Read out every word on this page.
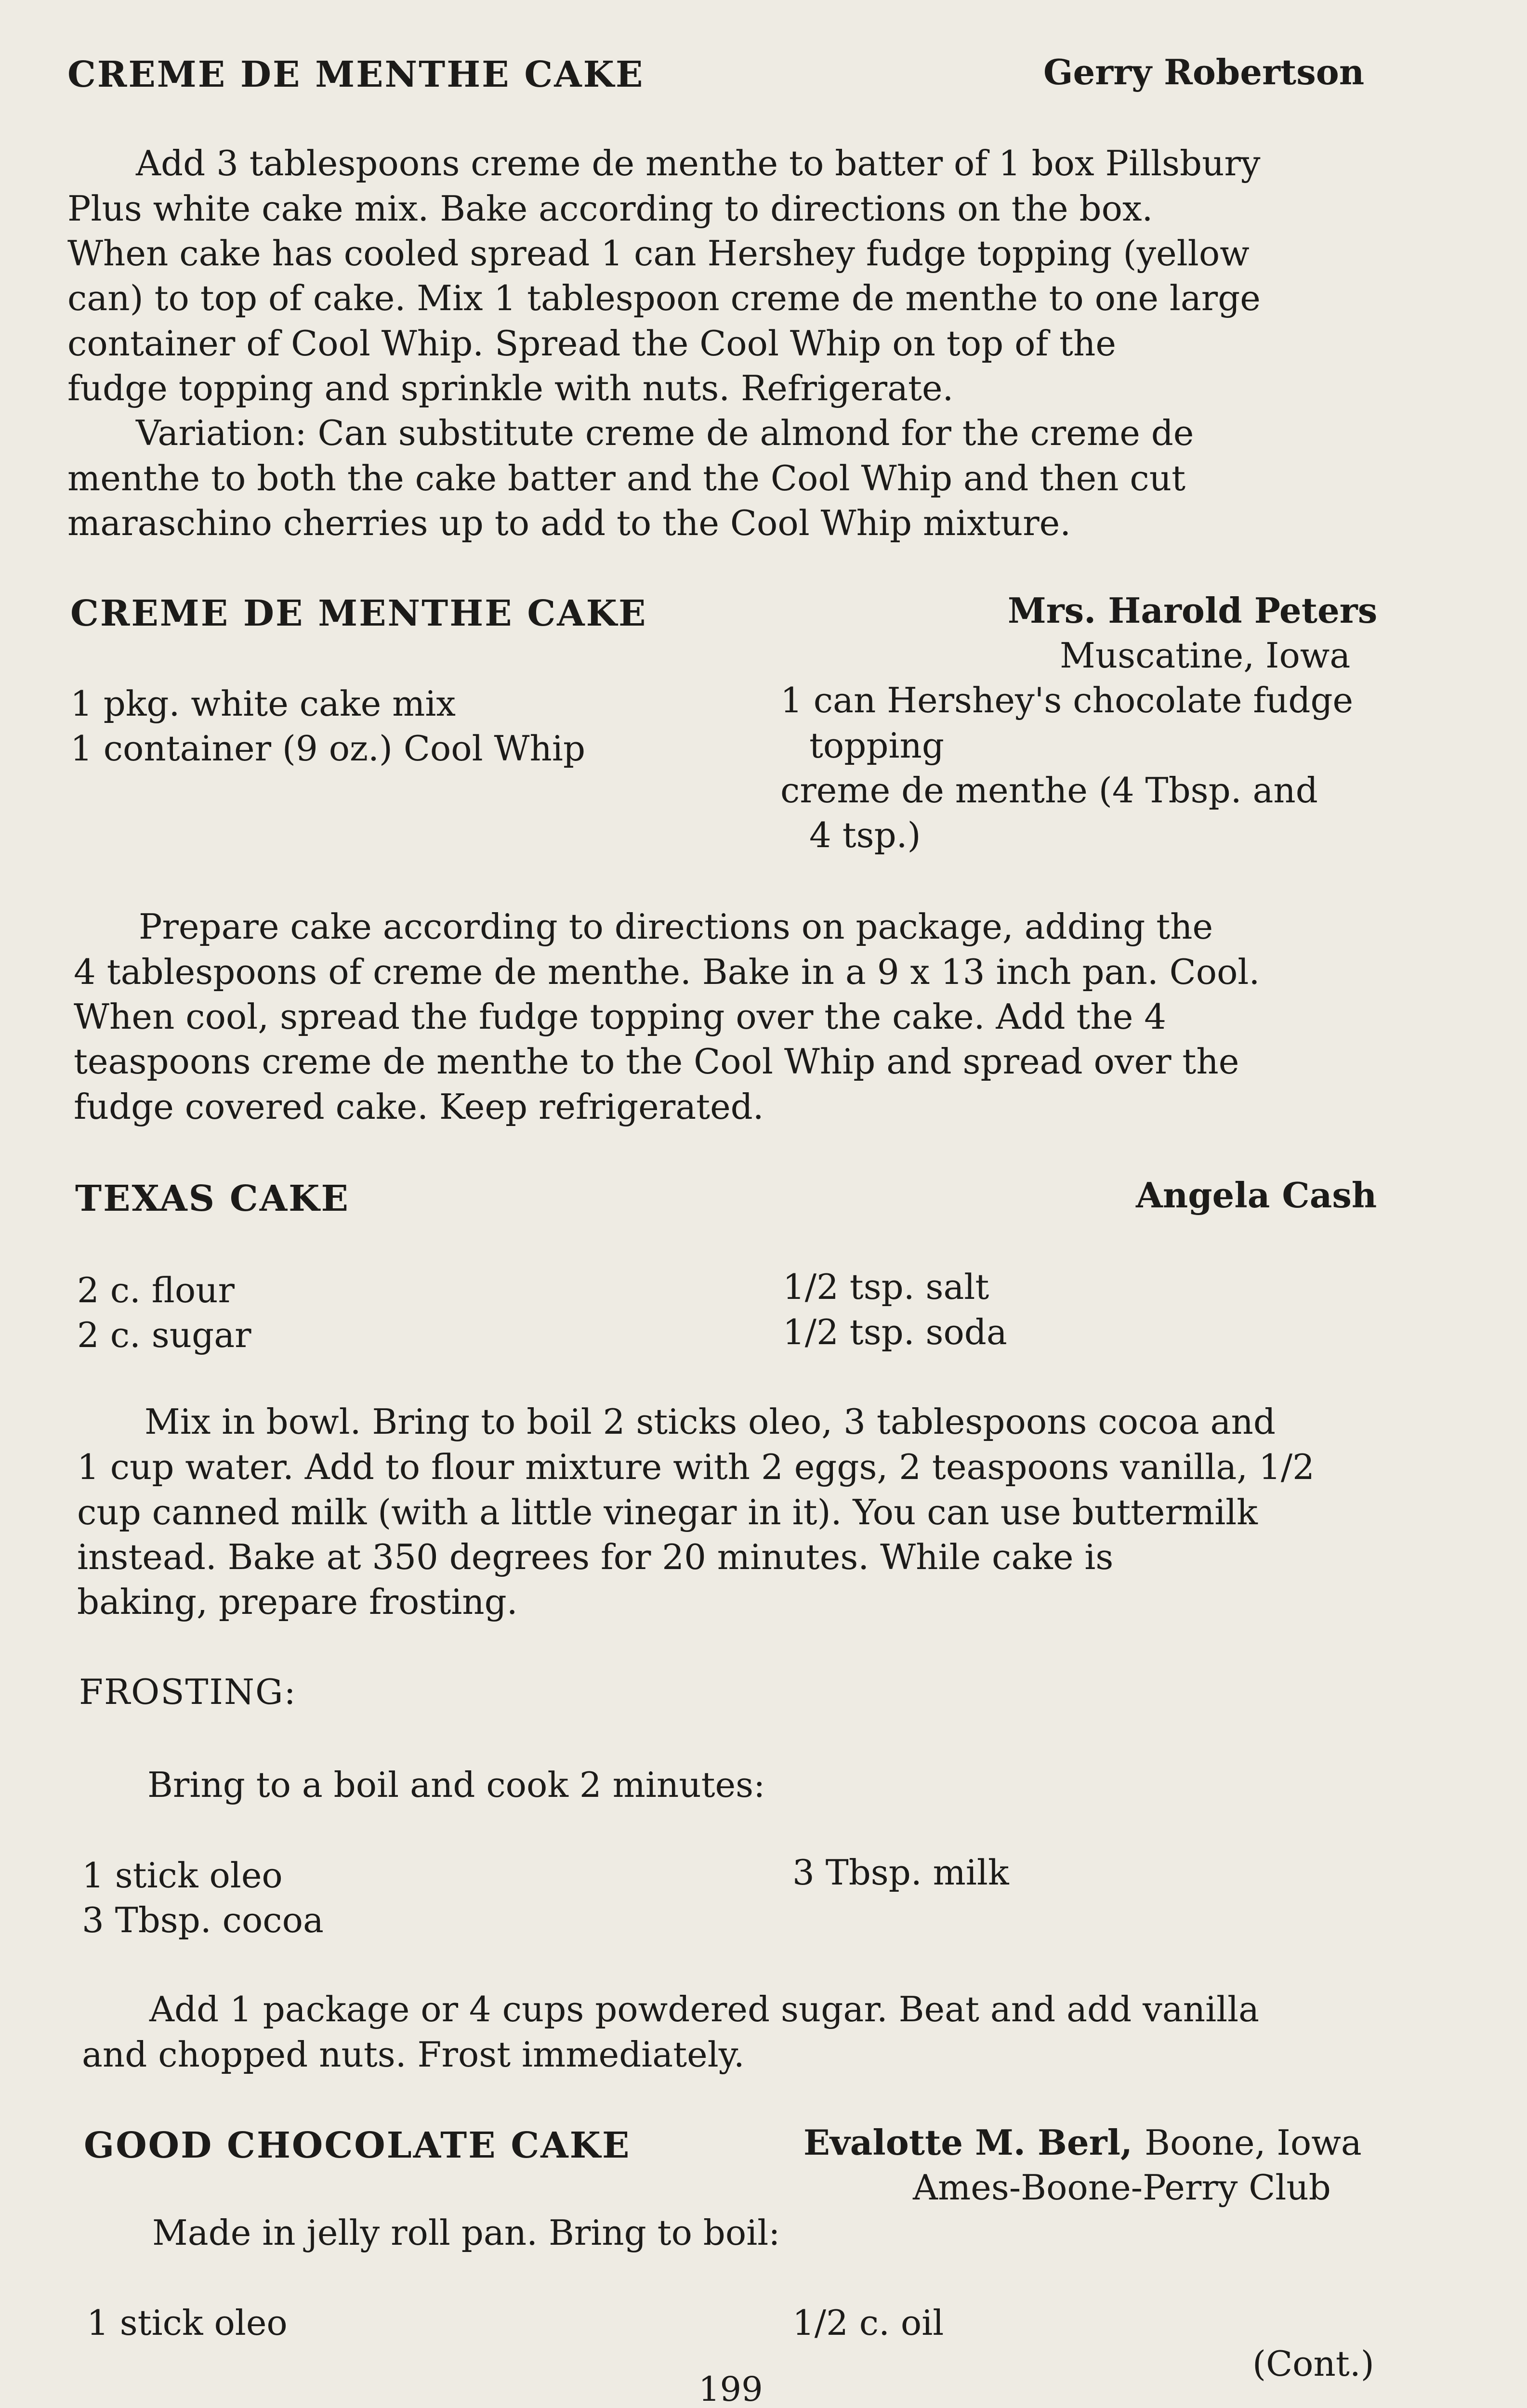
CREME DE MENTHE CAKE	Gerry Robertson
Add 3 tablespoons creme de menthe to batter of 1 box Pillsbury
Plus white cake mix. Bake according to directions on the box.
When cake has cooled spread 1 can Hershey fudge topping (yellow
can) to top of cake. Mix 1 tablespoon creme de menthe to one large
container of Cool Whip. Spread the Cool Whip on top of the
fudge topping and sprinkle with nuts. Refrigerate.
Variation: Can substitute creme de almond for the creme de
menthe to both the cake batter and the Cool Whip and then cut
maraschino cherries up to add to the Cool Whip mixture.
CREME DE MENTHE CAKE	Mrs. Harold Peters
Muscatine, Iowa
1 pkg. white cake mix
1 container (9 oz.) Cool Whip
1 can Hershey's chocolate fudge
topping
creme de menthe (4 Tbsp. and
4 tsp.)
Prepare cake according to directions on package, adding the
4 tablespoons of creme de menthe. Bake in a 9 x 13 inch pan. Cool.
When cool, spread the fudge topping over the cake. Add the 4
teaspoons creme de menthe to the Cool Whip and spread over the
fudge covered cake. Keep refrigerated.
TEXAS CAKE	Angela Cash
2 c. flour
2 c. sugar
1/2 tsp. salt
1/2 tsp. soda
Mix in bowl. Bring to boil 2 sticks oleo, 3 tablespoons cocoa and
1 cup water. Add to flour mixture with 2 eggs, 2 teaspoons vanilla, 1/2
cup canned milk (with a little vinegar in it). You can use buttermilk
instead. Bake at 350 degrees for 20 minutes. While cake is
baking, prepare frosting.
FROSTING:
Bring to a boil and cook 2 minutes:
1 stick oleo
3 Tbsp. cocoa
3 Tbsp. milk
Add 1 package or 4 cups powdered sugar. Beat and add vanilla
and chopped nuts. Frost immediately.
GOOD CHOCOLATE CAKE	Evalotte M. Berl, Boone, Iowa
Ames-Boone-Perry Club
Made in jelly roll pan. Bring to boil:
1 stick oleo	1/2 c. oil
199
(Cont.)
